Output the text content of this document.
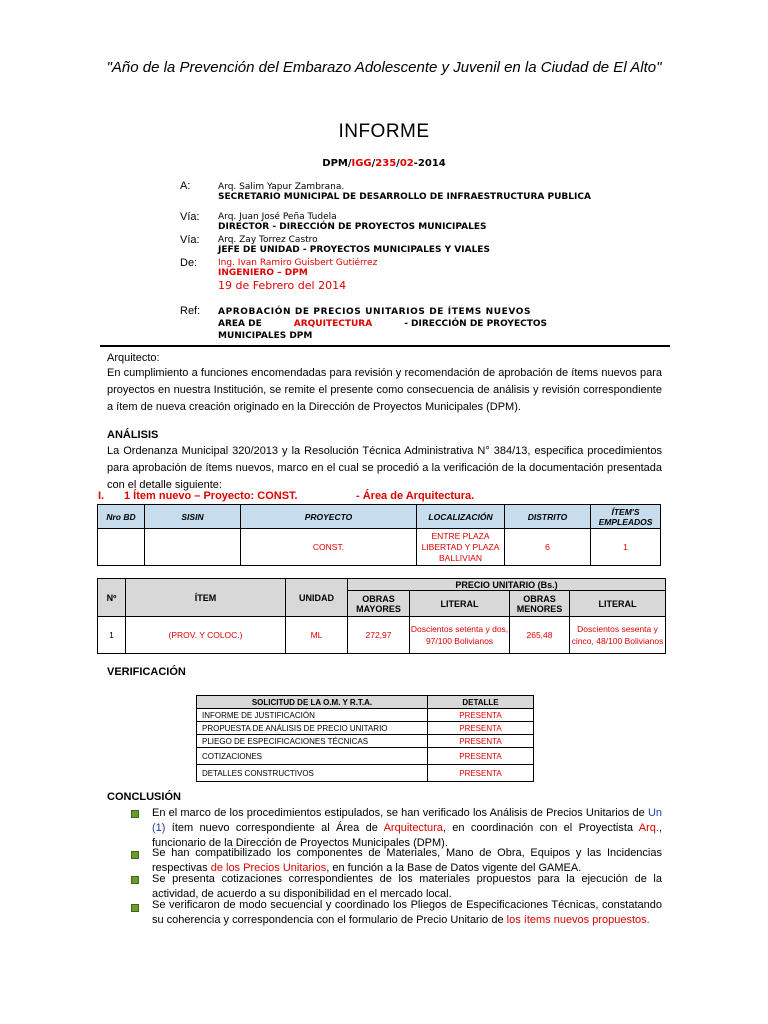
"Año de la Prevención del Embarazo Adolescente y Juvenil en la Ciudad de El Alto"
INFORME
DPM/IGG/235/02-2014
A:	Arq. Salim Yapur Zambrana.
SECRETARIO MUNICIPAL DE DESARROLLO DE INFRAESTRUCTURA PUBLICA
Vía: Arq. Juan José Peña Tudela
DIRECTOR - DIRECCIÓN DE PROYECTOS MUNICIPALES
Vía: Arq. Zay Torrez Castro
JEFE DE UNIDAD - PROYECTOS MUNICIPALES Y VIALES
De: Ing. Ivan Ramiro Guisbert Gutiérrez
INGENIERO – DPM
19 de Febrero del 2014
Ref: APROBACIÓN DE PRECIOS UNITARIOS DE ÍTEMS NUEVOS
AREA DE	ARQUITECTURA	- DIRECCIÓN DE PROYECTOS
MUNICIPALES DPM
Arquitecto:
En cumplimiento a funciones encomendadas para revisión y recomendación de aprobación de ítems nuevos para proyectos en nuestra Institución, se remite el presente como consecuencia de análisis y revisión correspondiente a ítem de nueva creación originado en la Dirección de Proyectos Municipales (DPM).
ANÁLISIS
La Ordenanza Municipal 320/2013 y la Resolución Técnica Administrativa N° 384/13, especifica procedimientos para aprobación de ítems nuevos, marco en el cual se procedió a la verificación de la documentación presentada con el detalle siguiente:
I. 1 Ítem nuevo – Proyecto: CONST.	- Área de Arquitectura.
Nro BD	SISIN	PROYECTO	LOCALIZACIÓN	DISTRITO	ÍTEM'S EMPLEADOS
		CONST.	ENTRE PLAZA LIBERTAD Y PLAZA BALLIVIAN	6	1
Nº	ÍTEM	UNIDAD	PRECIO UNITARIO (Bs.)			
			OBRAS MAYORES	LITERAL	OBRAS MENORES	LITERAL
1	(PROV. Y COLOC.)	ML	272,97	Doscientos setenta y dos, 97/100 Bolivianos	265,48	Doscientos sesenta y cinco, 48/100 Bolivianos
VERIFICACIÓN
SOLICITUD DE LA O.M. Y R.T.A.	DETALLE
INFORME DE JUSTIFICACIÓN	PRESENTA
PROPUESTA DE ANÁLISIS DE PRECIO UNITARIO	PRESENTA
PLIEGO DE ESPECIFICACIONES TÉCNICAS	PRESENTA
COTIZACIONES	PRESENTA
DETALLES CONSTRUCTIVOS	PRESENTA
CONCLUSIÓN
En el marco de los procedimientos estipulados, se han verificado los Análisis de Precios Unitarios de Un (1) ítem nuevo correspondiente al Área de Arquitectura, en coordinación con el Proyectista Arq., funcionario de la Dirección de Proyectos Municipales (DPM).
Se han compatibilizado los componentes de Materiales, Mano de Obra, Equipos y las Incidencias respectivas de los Precios Unitarios, en función a la Base de Datos vigente del GAMEA.
Se presenta cotizaciones correspondientes de los materiales propuestos para la ejecución de la actividad, de acuerdo a su disponibilidad en el mercado local.
Se verificaron de modo secuencial y coordinado los Pliegos de Especificaciones Técnicas, constatando su coherencia y correspondencia con el formulario de Precio Unitario de los ítems nuevos propuestos.
